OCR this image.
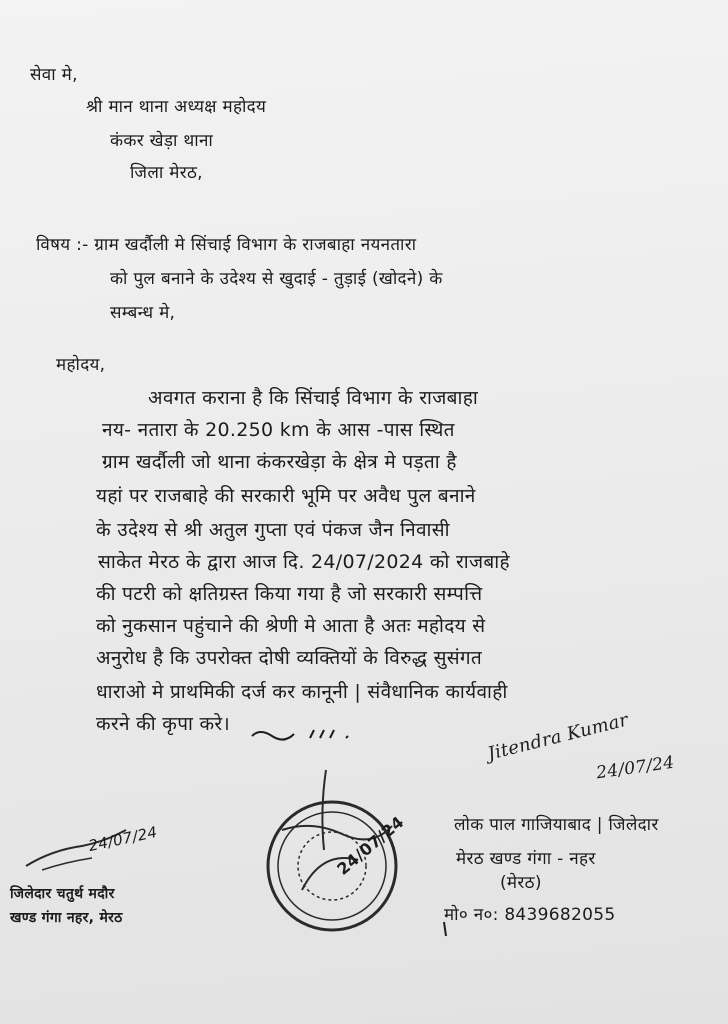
सेवा मे,
श्री मान थाना अध्यक्ष महोदय
कंकर खेड़ा थाना
जिला मेरठ,
विषय :- ग्राम खर्दौली मे सिंचाई विभाग के राजबाहा नयनतारा
को पुल बनाने के उदेश्य से खुदाई - तुड़ाई (खोदने) के
सम्बन्ध मे,
महोदय,
अवगत कराना है कि सिंचाई विभाग के राजबाहा
नय- नतारा के 20.250 km के आस -पास स्थित
ग्राम खर्दौली जो थाना कंकरखेड़ा के क्षेत्र मे पड़ता है
यहां पर राजबाहे की सरकारी भूमि पर अवैध पुल बनाने
के उदेश्य से श्री अतुल गुप्ता एवं पंकज जैन निवासी
साकेत मेरठ के द्वारा आज दि. 24/07/2024 को राजबाहे
की पटरी को क्षतिग्रस्त किया गया है जो सरकारी सम्पत्ति
को नुकसान पहुंचाने की श्रेणी मे आता है अतः महोदय से
अनुरोध है कि उपरोक्त दोषी व्यक्तियों के विरुद्ध सुसंगत
धाराओ मे प्राथमिकी दर्ज कर कानूनी | संवैधानिक कार्यवाही
करने की कृपा करे।	Jitendra Kumar
24/07/24
लोक पाल गाजियाबाद | जिलेदार
मेरठ खण्ड गंगा - नहर
(मेरठ)
मो० न०: 8439682055
24/07/24
जिलेदार चतुर्थ मदौर
खण्ड गंगा नहर, मेरठ
24/07/24
